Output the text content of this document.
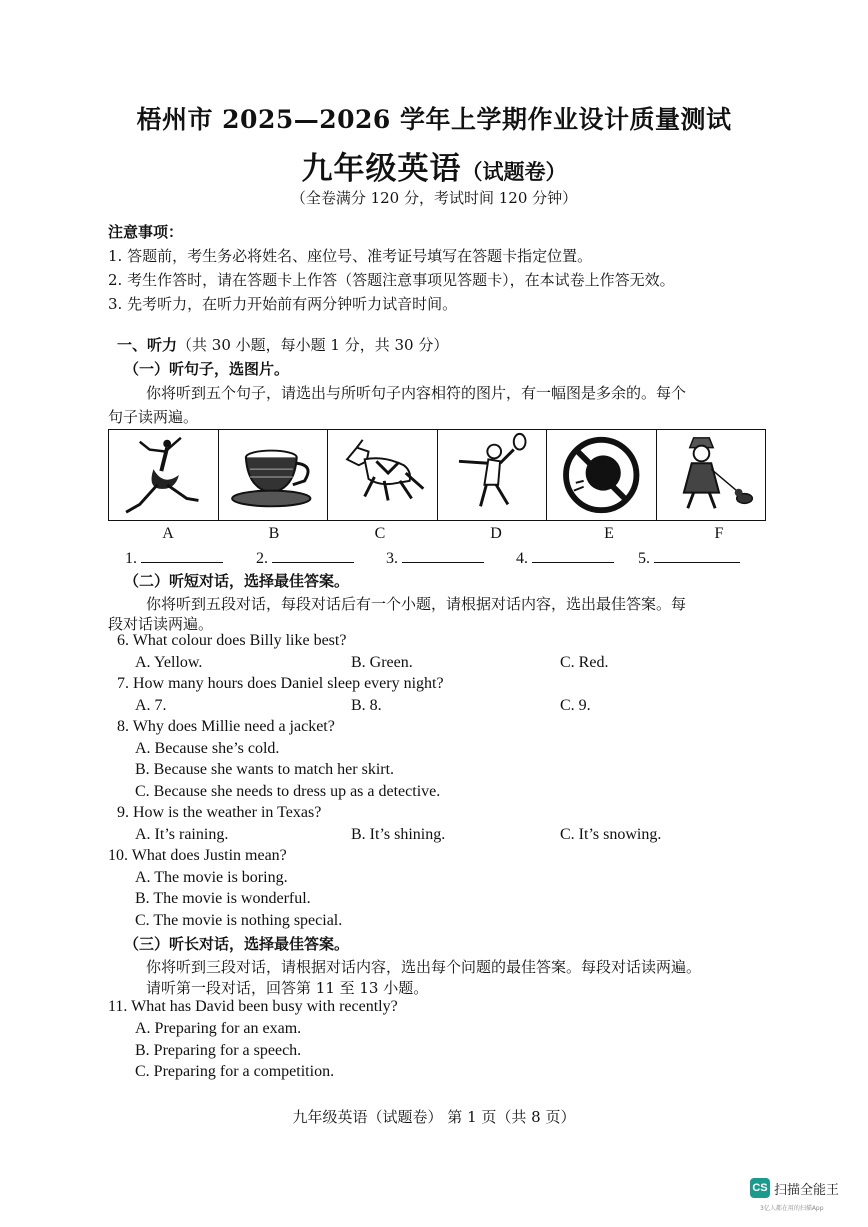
梧州市 2025—2026 学年上学期作业设计质量测试
九年级英语（试题卷）
（全卷满分 120 分，考试时间 120 分钟）
注意事项：
1. 答题前，考生务必将姓名、座位号、准考证号填写在答题卡指定位置。
2. 考生作答时，请在答题卡上作答（答题注意事项见答题卡），在本试卷上作答无效。
3. 先考听力，在听力开始前有两分钟听力试音时间。
一、听力（共 30 小题，每小题 1 分，共 30 分）
（一）听句子，选图片。
你将听到五个句子，请选出与所听句子内容相符的图片，有一幅图是多余的。每个
句子读两遍。
A	B	C	D	E	F
1.	2.	3.	4.	5.
（二）听短对话，选择最佳答案。
你将听到五段对话，每段对话后有一个小题，请根据对话内容，选出最佳答案。每
段对话读两遍。
6. What colour does Billy like best?
A. Yellow.	B. Green.	C. Red.
7. How many hours does Daniel sleep every night?
A. 7.	B. 8.	C. 9.
8. Why does Millie need a jacket?
A. Because she’s cold.
B. Because she wants to match her skirt.
C. Because she needs to dress up as a detective.
9. How is the weather in Texas?
A. It’s raining.	B. It’s shining.	C. It’s snowing.
10. What does Justin mean?
A. The movie is boring.
B. The movie is wonderful.
C. The movie is nothing special.
（三）听长对话，选择最佳答案。
你将听到三段对话，请根据对话内容，选出每个问题的最佳答案。每段对话读两遍。
请听第一段对话，回答第 11 至 13 小题。
11. What has David been busy with recently?
A. Preparing for an exam.
B. Preparing for a speech.
C. Preparing for a competition.
九年级英语（试题卷） 第 1 页（共 8 页）
CS 扫描全能王
3亿人都在用的扫描App
